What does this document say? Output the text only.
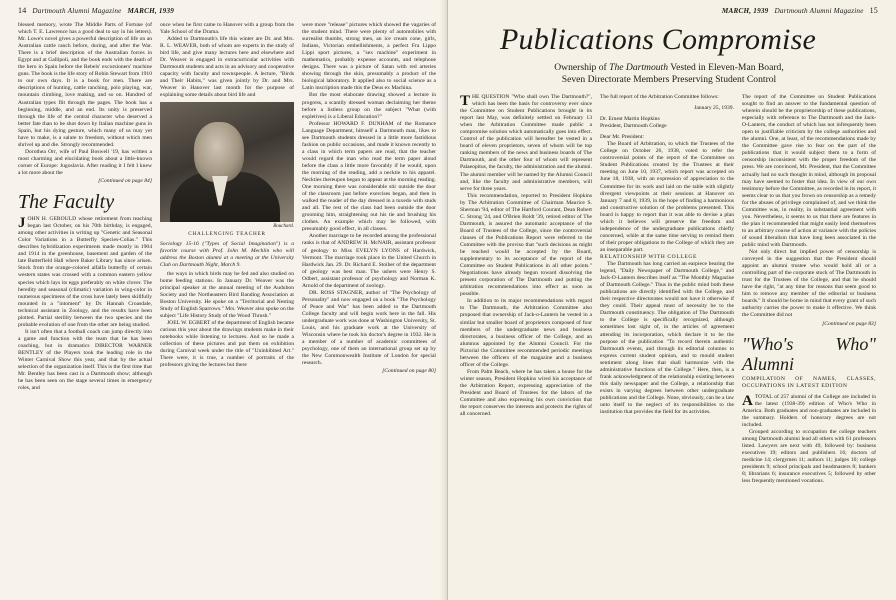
14 Dartmouth Alumni Magazine MARCH, 1939

blessed memory, wrote The Middle Parts of Fortune (of which T. E. Lawrence has a good deal to say in his letters). Mr. Lowe's novel gives a powerful description of life on an Australian cattle ranch before, during, and after the War. There is a brief description of the Australian forces in Egypt and at Gallipoli, and the book ends with the death of the hero in Spain before the Rebels' excursioners' machine guns. The book is the life story of Robin Stewart from 1910 to our own days. It is a book for men. There are descriptions of hunting, cattle ranching, polo playing, war, mountain climbing, love making, and so on. Hundred of Australian types flit through the pages. The book has a beginning, middle, and an end. Its unity is preserved through the life of the central character who deserved a better fate than to be shot down by Italian machine guns in Spain, but his dying gesture, which many of us may yet have to make, is a salute to freedom, without which men shrivel up and die. Strongly recommended.

Dorothea Orr, wife of Paul Boswell '19, has written a most charming and elucidating book about a little-known corner of Europe: Jugoslavia. After reading it I felt I knew a lot more about the

[Continued on page 84]

The Faculty

JOHN H. GEROULD whose retirement from teaching began last October, on his 70th birthday, is engaged, among other activities in writing up "Genetic and Seasonal Color Variations in a Butterfly Species-Colias." This describes hybridization experiments made mostly in 1904 and 1914 in the greenhouse, basement and garden of the late Butterfield Hall where Baker Library has since arisen. Stock from the orange-colored alfalfa butterfly of certain western states was crossed with a common eastern yellow species which lays its eggs preferably on white clover. The heredity and seasonal (climatic) variation in wing-color in numerous specimens of the cross have lately been skillfully mounted in a "intoment" by Dr. Hannah Croasdale, technical assistant in Zoology, and the results have been plotted. Partial sterility between the two species and the probable evolution of one from the other are being studied.

It isn't often that a football coach can jump directly into a game and function with the team that he has been coaching, but in dramatics DIRECTOR WARNER BENTLEY of the Players took the leading role in the Winter Carnival Show this year, and that by the actual selection of the organization itself. This is the first time that Mr. Bentley has been cast in a Dartmouth show; although he has been seen on the stage several times in emergency roles, and

once when he first came to Hanover with a group from the Yale School of the Drama.

Added to Dartmouth's life this winter are Dr. and Mrs. R. L. WEAVER, both of whom are experts in the study of bird life, and give many lectures here and elsewhere and Dr. Weaver is engaged in extracurricular activities with Dartmouth students and acts in an advisory and cooperative capacity with faculty and townspeople. A lecture, "Birds and Their Habits," was given jointly by Dr. and Mrs. Weaver in Hanover last month for the purpose of explaining some details about bird life and

Bouchard.
CHALLENGING TEACHER
Sociology 15-16 ("Types of Social Imagination") is a favorite course with Prof. John M. Mechlin who will address the Boston alumni at a meeting at the University Club on Dartmouth Night, March 9.

the ways in which birds may be fed and also studied on home feeding stations. In January Dr. Weaver was the principal speaker at the annual meeting of the Audubon Society and the Northeastern Bird Banding Association at Boston University. He spoke on a "Territorial and Nesting Study of English Sparrows." Mrs. Weaver also spoke on the subject "Life History Study of the Wood Thrush."

JOEL W. EGBERT of the department of English became curious this year about the drawings students make in their notebooks while listening to lectures. And so he made a collection of these pictures and put them on exhibition during Carnival week under the title of "Uninhibited Art." There were, it is true, a number of portraits of the professors giving the lectures but there

were more "release" pictures which showed the vagaries of the student mind. There were plenty of automobiles with surrealist thumbs, strong men, an ice cream cone, girls, Indians, Victorian embellishments, a perfect Fra Lippo Lippi sport pictures, a "sex machine" experiment in mathematics, probably expense accounts, and telephone designs. There was a picture of Satan with red arteries showing through the skin, presumably a product of the biological laboratory. It applied also to social science as a Latin inscription made this the Deus ex Machina.

But the most elaborate drawing showed a lecture in progress, a scantily dressed woman declaiming her theme before a listless group on the subject "What (with expletives) is a Liberal Education?"

Professor HOWARD F. DUNHAM of the Romance Language Department, himself a Dartmouth man, likes to see Dartmouth students dressed in a little more fastidious fashion on public occasions, and made it known recently to a class in which term papers are read, that the teacher would regard the man who read the term paper aloud before the class a little more favorably if he would, upon the morning of the reading, add a necktie to his apparel. Neckties thereupon began to appear at the morning reading. One morning there was considerable stir outside the door of the classroom just before exercises began, and then in walked the reader of the day dressed in a tuxedo with studs and all. The rest of the class had been outside the door grooming him, straightening out his tie and brushing his clothes. An example which may be followed, with presumably good effect, in all classes.

Another marriage to be recorded among the professional ranks is that of ANDREW H. McNAIR, assistant professor of geology to Miss EVELYN LYONS of Hardwick, Vermont. The marriage took place in the United Church in Hardwick Jan. 29. Dr. Richard E. Stoiber of the department of geology was best man. The ushers were Henry S. Odbert, assistant professor of psychology and Norman K. Arnold of the department of zoology.

DR. ROSS STAGNER, author of "The Psychology of Personality" and now engaged on a book "The Psychology of Peace and War" has been added to the Dartmouth College faculty and will begin work here in the fall. His undergraduate work was done at Washington University, St. Louis, and his graduate work at the University of Wisconsin where he took his doctor's degree in 1932. He is a member of a number of academic committees of psychology, one of them an international group set up by the New Commonwealth Institute of London for special research.

[Continued on page 80]

MARCH, 1939 Dartmouth Alumni Magazine 15
Publications Compromise
Ownership of The Dartmouth Vested in Eleven-Man Board,
Seven Directorate Members Preserving Student Control

THE QUESTION "Who shall own The Dartmouth?", which has been the basis for controversy ever since the Committee on Student Publications brought in its report last May, was definitely settled on February 13 when the Arbitration Committee made public a compromise solution which automatically goes into effect. Control of the publication will hereafter be vested in a board of eleven proprietors, seven of whom will be top ranking members of the news and business boards of The Dartmouth, and the other four of whom will represent Palaeopitus, the faculty, the administration and the alumni. The alumni member will be named by the Alumni Council and, like the faculty and administrative members, will serve for three years.

This recommendation, reported to President Hopkins by The Arbitration Committee of Chairman Maurice S. Sherman '94, editor of The Hartford Courant, Dean Robert C. Strong '24, and O'Brien Boldt '39, retired editor of The Dartmouth, is assured the automatic acceptance of the Board of Trustees of the College, since the controversial clauses of the Publications Report were referred to the Committee with the proviso that "such decisions as might be reached would be accepted by the Board, supplementary to its acceptance of the report of the Committee on Student Publications in all other points." Negotiations have already begun toward dissolving the present corporation of The Dartmouth and putting the arbitration recommendations into effect as soon as possible.

In addition to its major recommendations with regard to The Dartmouth, the Arbitration Committee also proposed that ownership of Jack-o-Lantern be vested in a similar but smaller board of proprietors composed of four members of the undergraduate news and business directorates, a business officer of the College, and an alumnus appointed by the Alumni Council. For the Pictorial the Committee recommended periodic meetings between the officers of the magazine and a business officer of the College.

From Palm Beach, where he has taken a house for the winter season, President Hopkins wired his acceptance of the Arbitration Report, expressing appreciation of the President and Board of Trustees for the labors of the Committee and also expressing his own conviction that the report conserves the interests and protects the rights of all concerned.

The full report of the Arbitration Committee follows:

January 25, 1939.

Dr. Ernest Martin Hopkins

President, Dartmouth College

Dear Mr. President:

The Board of Arbitration, to which the Trustees of the College on October 26, 1938, voted to refer the controversial points of the report of the Committee on Student Publications created by the Trustees at their meeting on June 10, 1937, which report was accepted on June 18, 1938, with an expression of appreciation to the Committee for its work and laid on the table with slightly divergent viewpoints at their sessions at Hanover on January 7 and 8, 1939, in the hope of finding a harmonious and constructive solution of the problems presented. This board is happy to report that it was able to devise a plan which it believes will preserve the freedom and independence of the undergraduate publications chiefly concerned, while at the same time serving to remind them of their proper obligations to the College of which they are an inseparable part.

RELATIONSHIP WITH COLLEGE

The Dartmouth has long carried an earpiece bearing the legend, "Daily Newspaper of Dartmouth College," and Jack-O-Lantern describes itself as "The Monthly Magazine of Dartmouth College." Thus in the public mind both these publications are directly identified with the College, and their respective directorates would not have it otherwise if they could. Their appeal must of necessity be to the Dartmouth constituency. The obligation of The Dartmouth to the College is specifically recognized, although sometimes lost sight of, in the articles of agreement attending its incorporation, which declare it to be the purpose of the publication "To record therein authentic Dartmouth events, and through its editorial columns to express current student opinion, and to mould student sentiment along lines that shall harmonize with the administrative functions of the College." Here, then, is a frank acknowledgment of the relationship existing between this daily newspaper and the College, a relationship that exists in varying degrees between other undergraduate publications and the College. None, obviously, can be a law unto itself to the neglect of its responsibilities to the institution that provides the field for its activities.

The report of the Committee on Student Publications sought to find an answer to the fundamental question of wherein should be the proprietorship of these publications, especially with reference to The Dartmouth and the Jack-O-Lantern, the conduct of which has not infrequently been open to justifiable criticism by the college authorities and the alumni. One, at least, of the recommendations made by the Committee gave rise to fear on the part of the publications that it would subject them to a form of censorship inconsistent with the proper freedom of the press. We are convinced, Mr. President, that the Committee actually had no such thought in mind, although its proposal may have seemed to foster that idea. In view of our own testimony before the Committee, as recorded in its report, it seems clear to us that you frown on censorship as a remedy for the abuses of privilege complained of, and we think the Committee was, in reality, in substantial agreement with you. Nevertheless, it seems to us that there are features in the plan it recommended that might easily lend themselves to an arbitrary course of action at variance with the policies of sound liberalism that have long been associated in the public mind with Dartmouth.

Not only direct but implied power of censorship is conveyed in the suggestion that the President should appoint an alumni trustee who would hold all or a controlling part of the corporate stock of The Dartmouth in trust for the Trustees of the College, and that he should have the right, "at any time for reasons that seem good to him to remove any member of the editorial or business boards." It should be borne in mind that every grant of such authority carries the power to make it effective. We think the Committee did not

[Continued on page 83]

"Who's Who" Alumni
COMPILATION OF NAMES, CLASSES, OCCUPATIONS IN LATEST EDITION

ATOTAL of 257 alumni of the College are included in the latest (1938-39) edition of Who's Who in America. Both graduates and non-graduates are included in the summary. Holders of honorary degrees are not included.

Grouped according to occupation the college teachers among Dartmouth alumni lead all others with 61 professors listed. Lawyers are next with 49, followed by: business executives 19; editors and publishers 16; doctors of medicine 14; clergymen 11; authors 11; judges 10; college presidents 9; school principals and headmasters 8; bankers 8; librarians 6; insurance executives 5; followed by other less frequently mentioned vocations.
